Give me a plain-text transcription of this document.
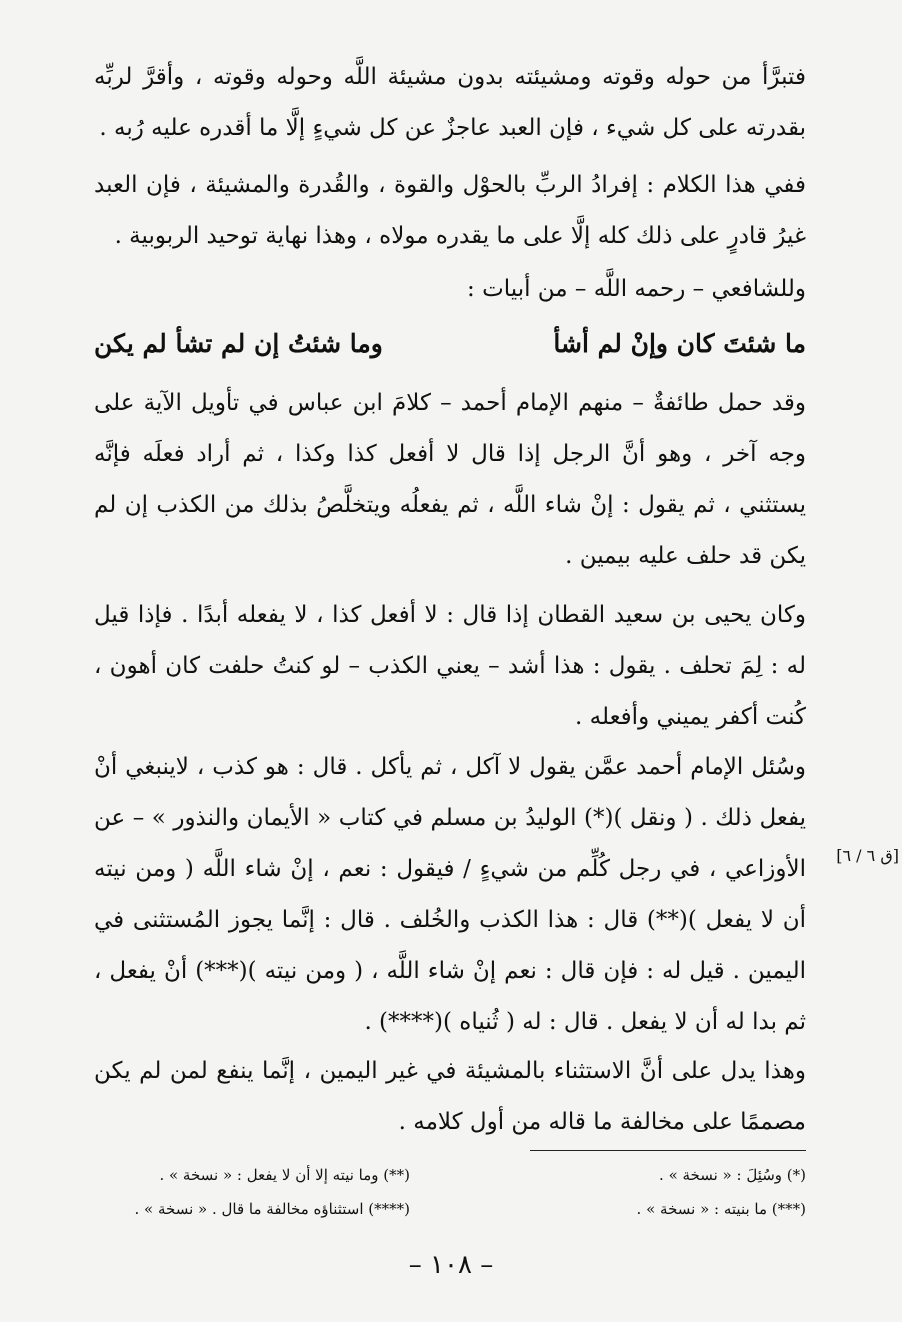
فتبرَّأ من حوله وقوته ومشيئته بدون مشيئة اللَّه وحوله وقوته ، وأقرَّ لربِّه بقدرته على كل شيء ، فإن العبد عاجزٌ عن كل شيءٍ إلَّا ما أقدره عليه رُبه .
ففي هذا الكلام : إفرادُ الربِّ بالحوْل والقوة ، والقُدرة والمشيئة ، فإن العبد غيرُ قادرٍ على ذلك كله إلَّا على ما يقدره مولاه ، وهذا نهاية توحيد الربوبية .
وللشافعي – رحمه اللَّه – من أبيات :
ما شئتَ كان وإنْ لم أشأ
وما شئتُ إن لم تشأ لم يكن
وقد حمل طائفةٌ – منهم الإمام أحمد – كلامَ ابن عباس في تأويل الآية على وجه آخر ، وهو أنَّ الرجل إذا قال لا أفعل كذا وكذا ، ثم أراد فعلَه فإنَّه يستثني ، ثم يقول : إنْ شاء اللَّه ، ثم يفعلُه ويتخلَّصُ بذلك من الكذب إن لم يكن قد حلف عليه بيمين .
وكان يحيى بن سعيد القطان إذا قال : لا أفعل كذا ، لا يفعله أبدًا . فإذا قيل له : لِمَ تحلف . يقول : هذا أشد – يعني الكذب – لو كنتُ حلفت كان أهون ، كُنت أكفر يميني وأفعله .
وسُئل الإمام أحمد عمَّن يقول لا آكل ، ثم يأكل . قال : هو كذب ، لاينبغي أنْ يفعل ذلك . ( ونقل )(*) الوليدُ بن مسلم في كتاب « الأيمان والنذور » – عن الأوزاعي ، في رجل كُلِّم من شيءٍ / فيقول : نعم ، إنْ شاء اللَّه ( ومن نيته أن لا يفعل )(**) قال : هذا الكذب والخُلف . قال : إنَّما يجوز المُستثنى في اليمين . قيل له : فإن قال : نعم إنْ شاء اللَّه ، ( ومن نيته )(***) أنْ يفعل ، ثم بدا له أن لا يفعل . قال : له ( ثُنياه )(****) .
[ق ٦ / ٦]
وهذا يدل على أنَّ الاستثناء بالمشيئة في غير اليمين ، إنَّما ينفع لمن لم يكن مصممًا على مخالفة ما قاله من أول كلامه .
(*) وسُئِلَ : « نسخة » .
(**) وما نيته إلا أن لا يفعل : « نسخة » .
(***) ما بنيته : « نسخة » .
(****) استثناؤه مخالفة ما قال . « نسخة » .
– ١٠٨ –
